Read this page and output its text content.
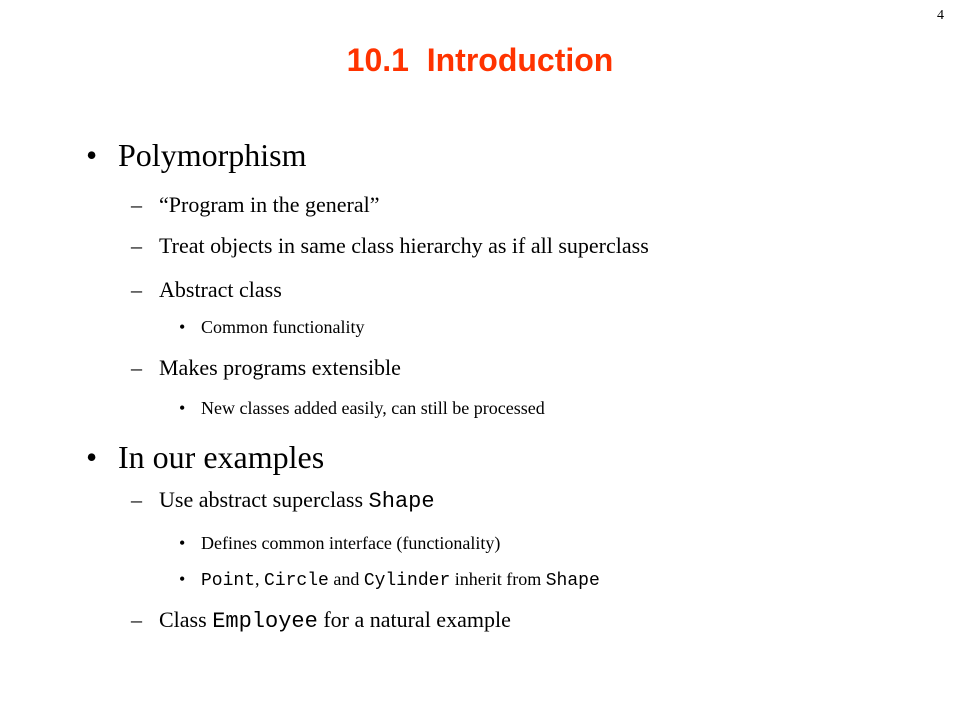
4
10.1  Introduction
• Polymorphism
– “Program in the general”
– Treat objects in same class hierarchy as if all superclass
– Abstract class
• Common functionality
– Makes programs extensible
• New classes added easily, can still be processed
• In our examples
– Use abstract superclass Shape
• Defines common interface (functionality)
• Point, Circle and Cylinder inherit from Shape
– Class Employee for a natural example
